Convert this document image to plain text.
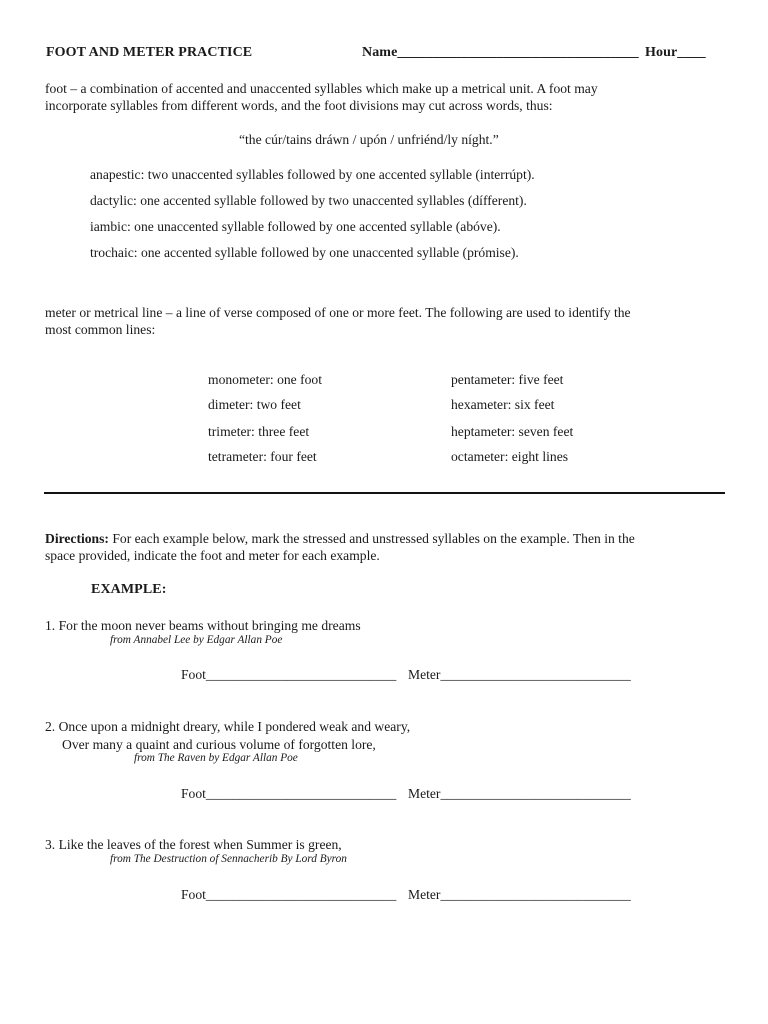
FOOT AND METER PRACTICE	Name__________________________________ Hour____
foot – a combination of accented and unaccented syllables which make up a metrical unit. A foot may
incorporate syllables from different words, and the foot divisions may cut across words, thus:
“the cúr/tains dráwn / upón / unfriénd/ly níght.”
anapestic: two unaccented syllables followed by one accented syllable (interrúpt).
dactylic: one accented syllable followed by two unaccented syllables (dífferent).
iambic: one unaccented syllable followed by one accented syllable (abóve).
trochaic: one accented syllable followed by one unaccented syllable (prómise).
meter or metrical line – a line of verse composed of one or more feet. The following are used to identify the
most common lines:
monometer: one foot
dimeter: two feet
trimeter: three feet
tetrameter: four feet
pentameter: five feet
hexameter: six feet
heptameter: seven feet
octameter: eight lines
Directions: For each example below, mark the stressed and unstressed syllables on the example. Then in the
space provided, indicate the foot and meter for each example.
EXAMPLE:
1. For the moon never beams without bringing me dreams
from Annabel Lee by Edgar Allan Poe
Foot____________________________ Meter____________________________
2. Once upon a midnight dreary, while I pondered weak and weary,
Over many a quaint and curious volume of forgotten lore,
from The Raven by Edgar Allan Poe
Foot____________________________ Meter____________________________
3. Like the leaves of the forest when Summer is green,
from The Destruction of Sennacherib By Lord Byron
Foot____________________________ Meter____________________________
